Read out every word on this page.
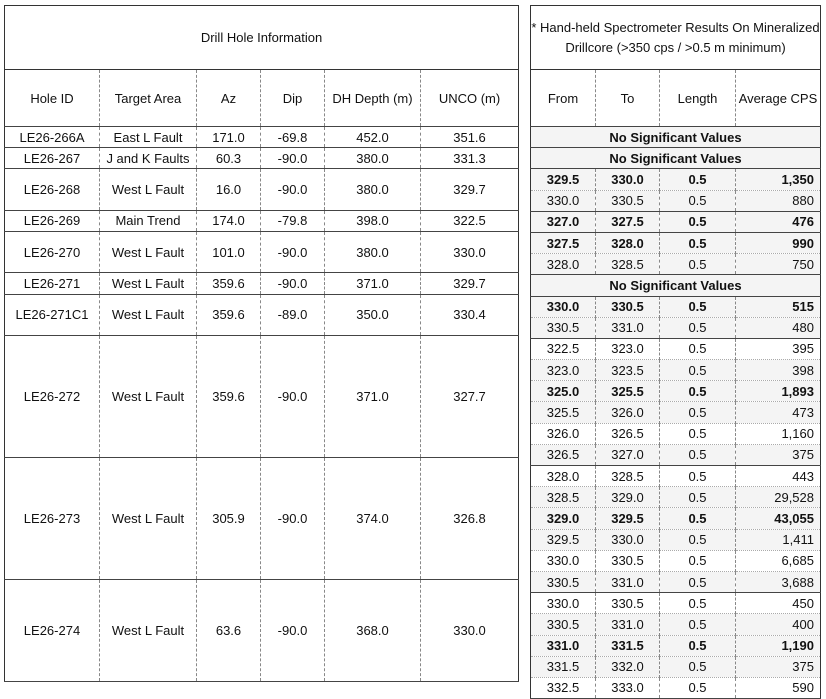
Drill Hole Information					
Hole ID	Target Area	Az	Dip	DH Depth (m)	UNCO (m)
LE26-266A	East L Fault	171.0	-69.8	452.0	351.6
LE26-267	J and K Faults	60.3	-90.0	380.0	331.3
LE26-268	West L Fault	16.0	-90.0	380.0	329.7
LE26-269	Main Trend	174.0	-79.8	398.0	322.5
LE26-270	West L Fault	101.0	-90.0	380.0	330.0
LE26-271	West L Fault	359.6	-90.0	371.0	329.7
LE26-271C1	West L Fault	359.6	-89.0	350.0	330.4
LE26-272	West L Fault	359.6	-90.0	371.0	327.7
LE26-273	West L Fault	305.9	-90.0	374.0	326.8
LE26-274	West L Fault	63.6	-90.0	368.0	330.0
* Hand-held Spectrometer Results On Mineralized Drillcore (>350 cps / >0.5 m minimum)			
From	To	Length	Average CPS
No Significant Values			
No Significant Values			
329.5	330.0	0.5	1,350
330.0	330.5	0.5	880
327.0	327.5	0.5	476
327.5	328.0	0.5	990
328.0	328.5	0.5	750
No Significant Values			
330.0	330.5	0.5	515
330.5	331.0	0.5	480
322.5	323.0	0.5	395
323.0	323.5	0.5	398
325.0	325.5	0.5	1,893
325.5	326.0	0.5	473
326.0	326.5	0.5	1,160
326.5	327.0	0.5	375
328.0	328.5	0.5	443
328.5	329.0	0.5	29,528
329.0	329.5	0.5	43,055
329.5	330.0	0.5	1,411
330.0	330.5	0.5	6,685
330.5	331.0	0.5	3,688
330.0	330.5	0.5	450
330.5	331.0	0.5	400
331.0	331.5	0.5	1,190
331.5	332.0	0.5	375
332.5	333.0	0.5	590
